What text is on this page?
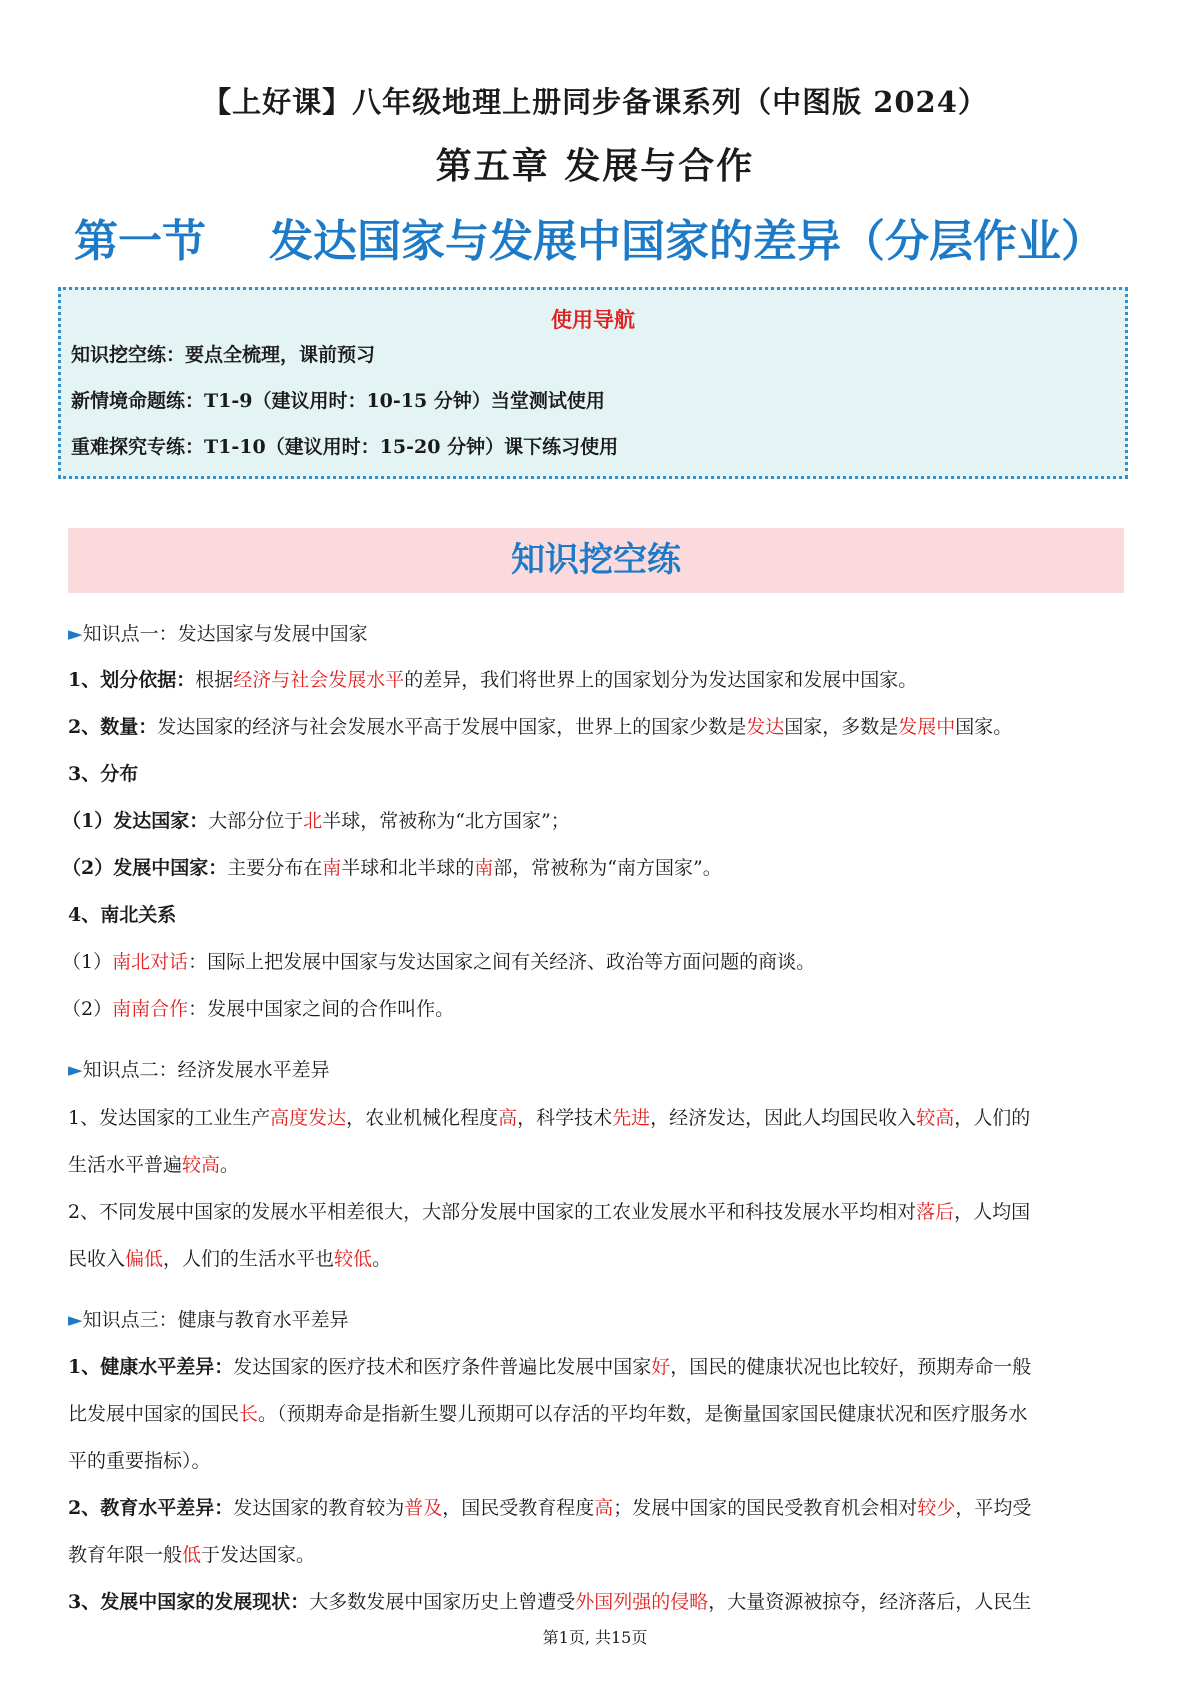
【上好课】八年级地理上册同步备课系列（中图版 2024）
第五章 发展与合作
第一节 发达国家与发展中国家的差异（分层作业）
使用导航
知识挖空练：要点全梳理，课前预习
新情境命题练：T1-9（建议用时：10-15 分钟）当堂测试使用
重难探究专练：T1-10（建议用时：15-20 分钟）课下练习使用
知识挖空练
►知识点一：发达国家与发展中国家
1、划分依据：根据经济与社会发展水平的差异，我们将世界上的国家划分为发达国家和发展中国家。
2、数量：发达国家的经济与社会发展水平高于发展中国家，世界上的国家少数是发达国家，多数是发展中国家。
3、分布
（1）发达国家：大部分位于北半球，常被称为“北方国家”；
（2）发展中国家：主要分布在南半球和北半球的南部，常被称为“南方国家”。
4、南北关系
（1）南北对话：国际上把发展中国家与发达国家之间有关经济、政治等方面问题的商谈。
（2）南南合作：发展中国家之间的合作叫作。
►知识点二：经济发展水平差异
1、发达国家的工业生产高度发达，农业机械化程度高，科学技术先进，经济发达，因此人均国民收入较高，人们的
生活水平普遍较高。
2、不同发展中国家的发展水平相差很大，大部分发展中国家的工农业发展水平和科技发展水平均相对落后，人均国
民收入偏低，人们的生活水平也较低。
►知识点三：健康与教育水平差异
1、健康水平差异：发达国家的医疗技术和医疗条件普遍比发展中国家好，国民的健康状况也比较好，预期寿命一般
比发展中国家的国民长。（预期寿命是指新生婴儿预期可以存活的平均年数，是衡量国家国民健康状况和医疗服务水
平的重要指标）。
2、教育水平差异：发达国家的教育较为普及，国民受教育程度高；发展中国家的国民受教育机会相对较少，平均受
教育年限一般低于发达国家。
3、发展中国家的发展现状：大多数发展中国家历史上曾遭受外国列强的侵略，大量资源被掠夺，经济落后，人民生
第1页, 共15页
